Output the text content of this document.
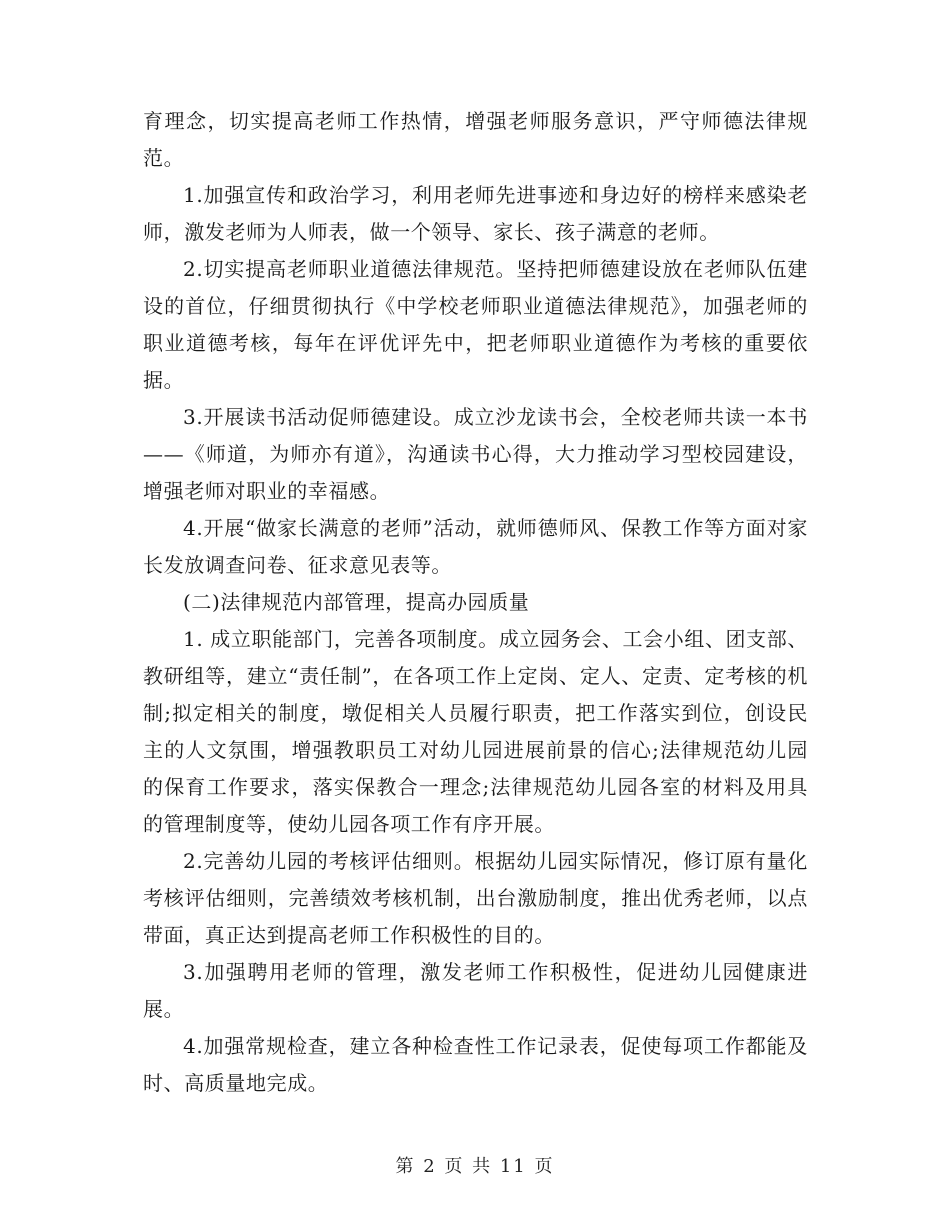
育理念，切实提高老师工作热情，增强老师服务意识，严守师德法律规范。

1.加强宣传和政治学习，利用老师先进事迹和身边好的榜样来感染老师，激发老师为人师表，做一个领导、家长、孩子满意的老师。

2.切实提高老师职业道德法律规范。坚持把师德建设放在老师队伍建设的首位，仔细贯彻执行《中学校老师职业道德法律规范》，加强老师的职业道德考核，每年在评优评先中，把老师职业道德作为考核的重要依据。

3.开展读书活动促师德建设。成立沙龙读书会，全校老师共读一本书——《师道，为师亦有道》，沟通读书心得，大力推动学习型校园建设，增强老师对职业的幸福感。

4.开展“做家长满意的老师”活动，就师德师风、保教工作等方面对家长发放调查问卷、征求意见表等。

(二)法律规范内部管理，提高办园质量

1. 成立职能部门，完善各项制度。成立园务会、工会小组、团支部、教研组等，建立“责任制”，在各项工作上定岗、定人、定责、定考核的机制;拟定相关的制度，墩促相关人员履行职责，把工作落实到位，创设民主的人文氛围，增强教职员工对幼儿园进展前景的信心;法律规范幼儿园的保育工作要求，落实保教合一理念;法律规范幼儿园各室的材料及用具的管理制度等，使幼儿园各项工作有序开展。

2.完善幼儿园的考核评估细则。根据幼儿园实际情况，修订原有量化考核评估细则，完善绩效考核机制，出台激励制度，推出优秀老师，以点带面，真正达到提高老师工作积极性的目的。

3.加强聘用老师的管理，激发老师工作积极性，促进幼儿园健康进展。

4.加强常规检查，建立各种检查性工作记录表，促使每项工作都能及时、高质量地完成。

第 2 页 共 11 页
